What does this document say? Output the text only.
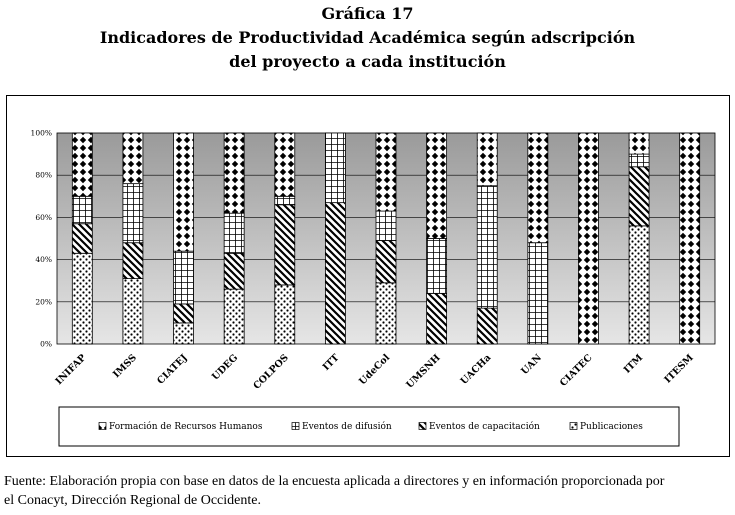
Gráfica 17
Indicadores de Productividad Académica según adscripción
del proyecto a cada institución
0%
20%
40%
60%
80%
100%
INIFAP IMSS CIATEJ UDEG COLPOS	ITT UdeCol UMSNH UACHa	UAN CIATEC	ITM ITESM
Formación de Recursos Humanos	Eventos de difusión	Eventos de capacitación	Publicaciones
Fuente: Elaboración propia con base en datos de la encuesta aplicada a directores y en información proporcionada por
el Conacyt, Dirección Regional de Occidente.
